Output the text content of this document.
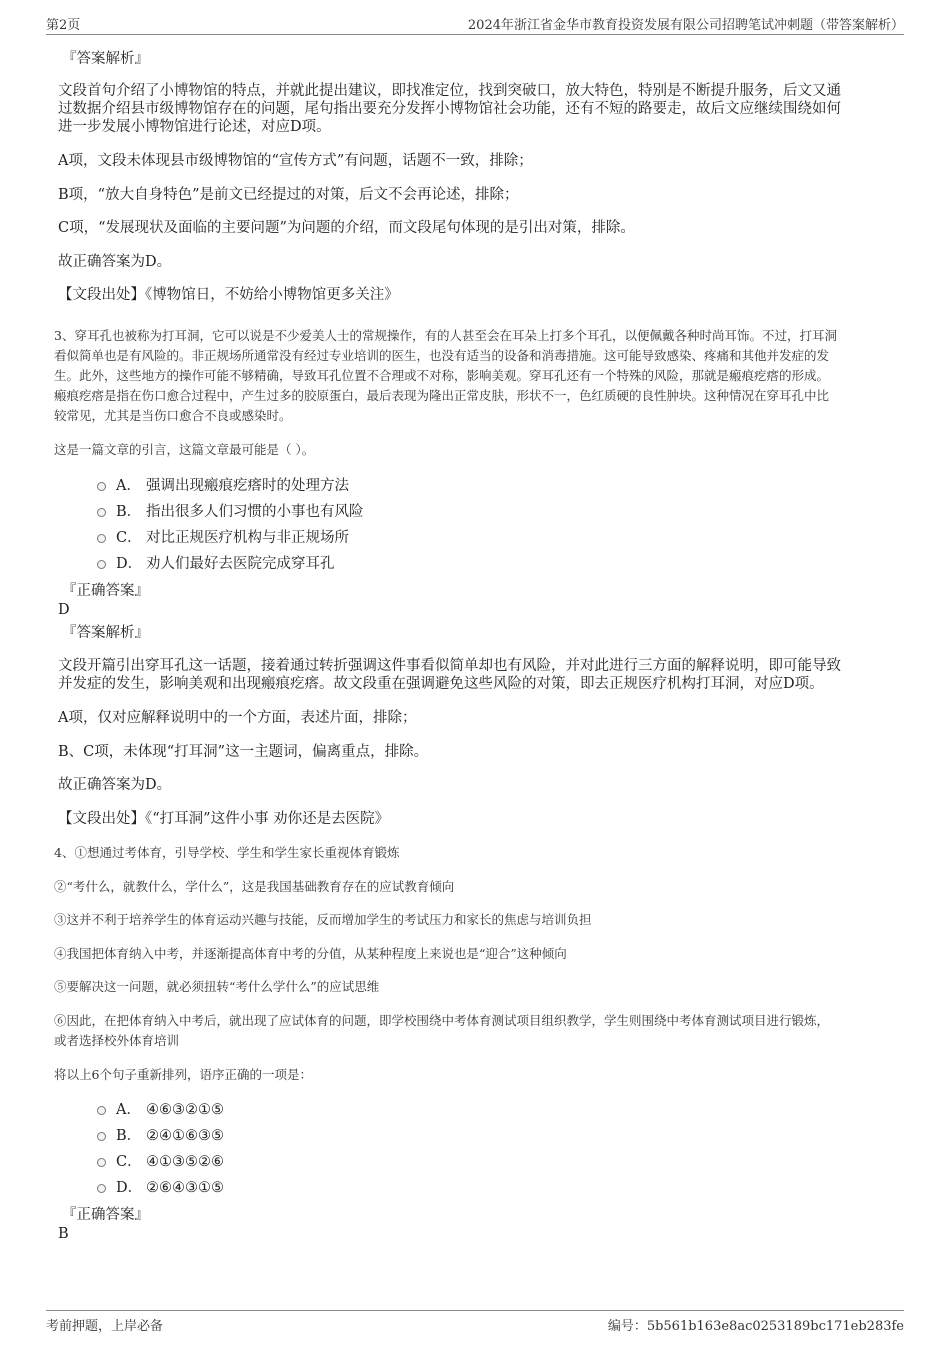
第2页	2024年浙江省金华市教育投资发展有限公司招聘笔试冲刺题（带答案解析）
『答案解析』
文段首句介绍了小博物馆的特点，并就此提出建议，即找准定位，找到突破口，放大特色，特别是不断提升服务，后文又通
过数据介绍县市级博物馆存在的问题，尾句指出要充分发挥小博物馆社会功能，还有不短的路要走，故后文应继续围绕如何
进一步发展小博物馆进行论述，对应D项。
A项，文段未体现县市级博物馆的“宣传方式”有问题，话题不一致，排除；
B项，“放大自身特色”是前文已经提过的对策，后文不会再论述，排除；
C项，“发展现状及面临的主要问题”为问题的介绍，而文段尾句体现的是引出对策，排除。
故正确答案为D。
【文段出处】《博物馆日，不妨给小博物馆更多关注》
3、穿耳孔也被称为打耳洞，它可以说是不少爱美人士的常规操作，有的人甚至会在耳朵上打多个耳孔，以便佩戴各种时尚耳饰。不过，打耳洞
看似简单也是有风险的。非正规场所通常没有经过专业培训的医生，也没有适当的设备和消毒措施。这可能导致感染、疼痛和其他并发症的发
生。此外，这些地方的操作可能不够精确，导致耳孔位置不合理或不对称，影响美观。穿耳孔还有一个特殊的风险，那就是瘢痕疙瘩的形成。
瘢痕疙瘩是指在伤口愈合过程中，产生过多的胶原蛋白，最后表现为隆出正常皮肤，形状不一，色红质硬的良性肿块。这种情况在穿耳孔中比
较常见，尤其是当伤口愈合不良或感染时。
这是一篇文章的引言，这篇文章最可能是（ ）。
A． 强调出现瘢痕疙瘩时的处理方法
B． 指出很多人们习惯的小事也有风险
C． 对比正规医疗机构与非正规场所
D． 劝人们最好去医院完成穿耳孔
『正确答案』
D
『答案解析』
文段开篇引出穿耳孔这一话题，接着通过转折强调这件事看似简单却也有风险，并对此进行三方面的解释说明，即可能导致
并发症的发生，影响美观和出现瘢痕疙瘩。故文段重在强调避免这些风险的对策，即去正规医疗机构打耳洞，对应D项。
A项，仅对应解释说明中的一个方面，表述片面，排除；
B、C项，未体现“打耳洞”这一主题词，偏离重点，排除。
故正确答案为D。
【文段出处】《“打耳洞”这件小事 劝你还是去医院》
4、①想通过考体育，引导学校、学生和学生家长重视体育锻炼
②“考什么，就教什么，学什么”，这是我国基础教育存在的应试教育倾向
③这并不利于培养学生的体育运动兴趣与技能，反而增加学生的考试压力和家长的焦虑与培训负担
④我国把体育纳入中考，并逐渐提高体育中考的分值，从某种程度上来说也是“迎合”这种倾向
⑤要解决这一问题，就必须扭转“考什么学什么”的应试思维
⑥因此，在把体育纳入中考后，就出现了应试体育的问题，即学校围绕中考体育测试项目组织教学，学生则围绕中考体育测试项目进行锻炼，
或者选择校外体育培训
将以上6个句子重新排列，语序正确的一项是：
A． ④⑥③②①⑤
B． ②④①⑥③⑤
C． ④①③⑤②⑥
D． ②⑥④③①⑤
『正确答案』
B
考前押题，上岸必备	编号：5b561b163e8ac0253189bc171eb283fe
